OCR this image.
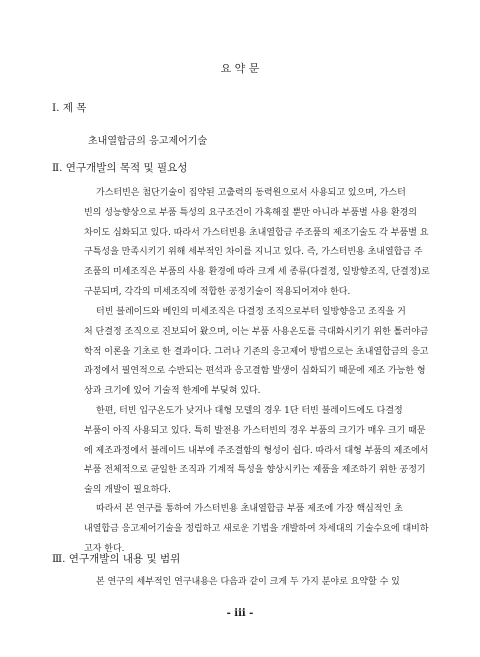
요 약 문
Ⅰ. 제 목
초내열합금의 응고제어기술
Ⅱ. 연구개발의 목적 및 필요성
가스터빈은 첨단기술이 집약된 고출력의 동력원으로서 사용되고 있으며, 가스터
빈의 성능향상으로 부품 특성의 요구조건이 가혹해질 뿐만 아니라 부품별 사용 환경의
차이도 심화되고 있다. 따라서 가스터빈용 초내열합금 주조품의 제조기술도 각 부품별 요
구특성을 만족시키기 위해 세부적인 차이를 지니고 있다. 즉, 가스터빈용 초내열합금 주
조품의 미세조직은 부품의 사용 환경에 따라 크게 세 종류(다결정, 일방향조직, 단결정)로
구분되며, 각각의 미세조직에 적합한 공정기술이 적용되어져야 한다.
터빈 블레이드와 베인의 미세조직은 다결정 조직으로부터 일방향응고 조직을 거
처 단결정 조직으로 진보되어 왔으며, 이는 부품 사용온도를 극대화시키기 위한 톨러야금
학적 이론을 기초로 한 결과이다. 그러나 기존의 응고제어 방법으로는 초내열합금의 응고
과정에서 필연적으로 수반되는 편석과 응고결함 발생이 심화되기 때문에 제조 가능한 형
상과 크기에 있어 기술적 한계에 부딪혀 있다.
한편, 터빈 입구온도가 낮거나 대형 모델의 경우 1단 터빈 블레이드에도 다결정
부품이 아직 사용되고 있다. 특히 발전용 가스터빈의 경우 부품의 크기가 매우 크기 때문
에 제조과정에서 블레이드 내부에 주조결함의 형성이 쉽다. 따라서 대형 부품의 제조에서
부품 전체적으로 균일한 조직과 기계적 특성을 향상시키는 제품을 제조하기 위한 공정기
술의 개발이 필요하다.
따라서 본 연구를 통하여 가스터빈용 초내열합금 부품 제조에 가장 핵심적인 초
내열합금 응고제어기술을 정립하고 새로운 기법을 개발하여 차세대의 기술수요에 대비하
고자 한다.
Ⅲ. 연구개발의 내용 및 범위
본 연구의 세부적인 연구내용은 다음과 같이 크게 두 가지 분야로 요약할 수 있
- iii -
